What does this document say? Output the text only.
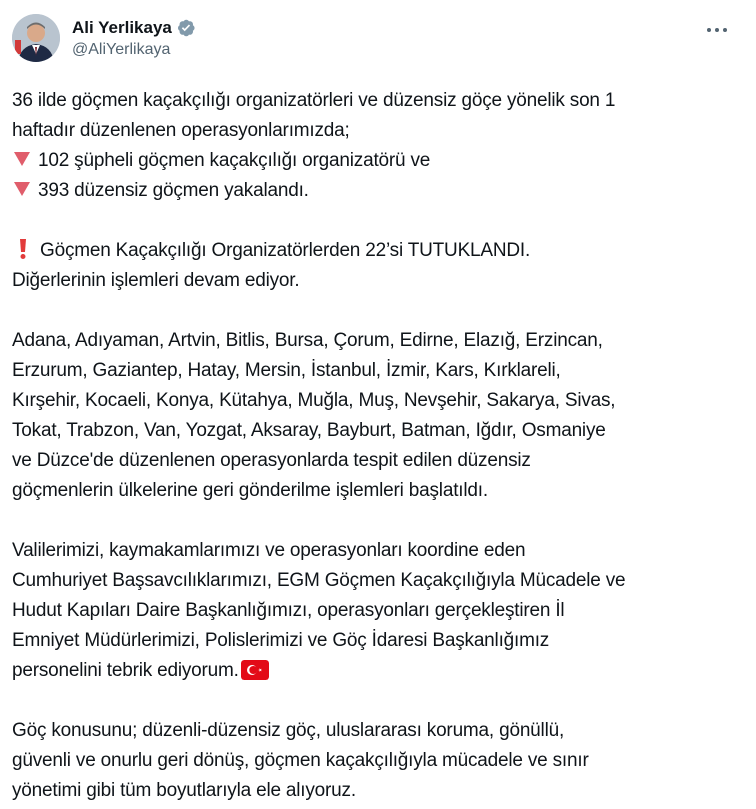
Ali Yerlikaya
@AliYerlikaya

36 ilde göçmen kaçakçılığı organizatörleri ve düzensiz göçe yönelik son 1

haftadır düzenlenen operasyonlarımızda;

102 şüpheli göçmen kaçakçılığı organizatörü ve

393 düzensiz göçmen yakalandı.

Göçmen Kaçakçılığı Organizatörlerden 22’si TUTUKLANDI.

Diğerlerinin işlemleri devam ediyor.

Adana, Adıyaman, Artvin, Bitlis, Bursa, Çorum, Edirne, Elazığ, Erzincan,

Erzurum, Gaziantep, Hatay, Mersin, İstanbul, İzmir, Kars, Kırklareli,

Kırşehir, Kocaeli, Konya, Kütahya, Muğla, Muş, Nevşehir, Sakarya, Sivas,

Tokat, Trabzon, Van, Yozgat, Aksaray, Bayburt, Batman, Iğdır, Osmaniye

ve Düzce'de düzenlenen operasyonlarda tespit edilen düzensiz

göçmenlerin ülkelerine geri gönderilme işlemleri başlatıldı.

Valilerimizi, kaymakamlarımızı ve operasyonları koordine eden

Cumhuriyet Başsavcılıklarımızı, EGM Göçmen Kaçakçılığıyla Mücadele ve

Hudut Kapıları Daire Başkanlığımızı, operasyonları gerçekleştiren İl

Emniyet Müdürlerimizi, Polislerimizi ve Göç İdaresi Başkanlığımız

personelini tebrik ediyorum.

Göç konusunu; düzenli-düzensiz göç, uluslararası koruma, gönüllü,

güvenli ve onurlu geri dönüş, göçmen kaçakçılığıyla mücadele ve sınır

yönetimi gibi tüm boyutlarıyla ele alıyoruz.
